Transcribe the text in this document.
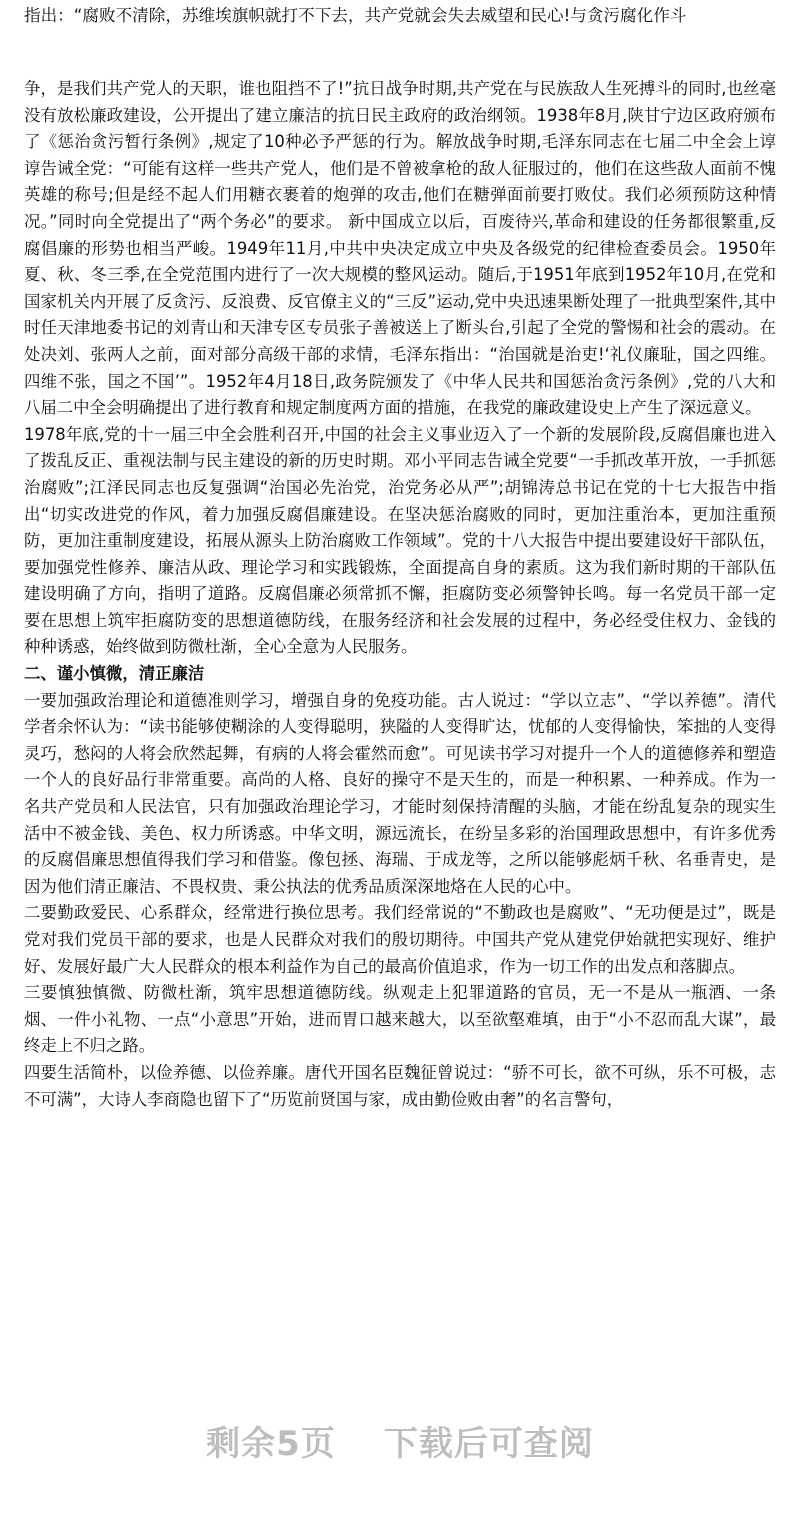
指出：“腐败不清除，苏维埃旗帜就打不下去，共产党就会失去威望和民心!与贪污腐化作斗

争，是我们共产党人的天职，谁也阻挡不了!”抗日战争时期,共产党在与民族敌人生死搏斗的同时,也丝毫没有放松廉政建设，公开提出了建立廉洁的抗日民主政府的政治纲领。1938年8月,陕甘宁边区政府颁布了《惩治贪污暂行条例》,规定了10种必予严惩的行为。解放战争时期,毛泽东同志在七届二中全会上谆谆告诫全党：“可能有这样一些共产党人，他们是不曾被拿枪的敌人征服过的，他们在这些敌人面前不愧英雄的称号;但是经不起人们用糖衣裹着的炮弹的攻击,他们在糖弹面前要打败仗。我们必须预防这种情况。”同时向全党提出了“两个务必”的要求。 新中国成立以后，百废待兴,革命和建设的任务都很繁重,反腐倡廉的形势也相当严峻。1949年11月,中共中央决定成立中央及各级党的纪律检查委员会。1950年夏、秋、冬三季,在全党范围内进行了一次大规模的整风运动。随后,于1951年底到1952年10月,在党和国家机关内开展了反贪污、反浪费、反官僚主义的“三反”运动,党中央迅速果断处理了一批典型案件,其中时任天津地委书记的刘青山和天津专区专员张子善被送上了断头台,引起了全党的警惕和社会的震动。在处决刘、张两人之前，面对部分高级干部的求情，毛泽东指出：“治国就是治吏!‘礼仪廉耻，国之四维。四维不张，国之不国’”。1952年4月18日,政务院颁发了《中华人民共和国惩治贪污条例》,党的八大和八届二中全会明确提出了进行教育和规定制度两方面的措施，在我党的廉政建设史上产生了深远意义。

1978年底,党的十一届三中全会胜利召开,中国的社会主义事业迈入了一个新的发展阶段,反腐倡廉也进入了拨乱反正、重视法制与民主建设的新的历史时期。邓小平同志告诫全党要“一手抓改革开放，一手抓惩治腐败”;江泽民同志也反复强调“治国必先治党，治党务必从严”;胡锦涛总书记在党的十七大报告中指出“切实改进党的作风，着力加强反腐倡廉建设。在坚决惩治腐败的同时，更加注重治本，更加注重预防，更加注重制度建设，拓展从源头上防治腐败工作领域”。党的十八大报告中提出要建设好干部队伍，要加强党性修养、廉洁从政、理论学习和实践锻炼，全面提高自身的素质。这为我们新时期的干部队伍建设明确了方向，指明了道路。反腐倡廉必须常抓不懈，拒腐防变必须警钟长鸣。每一名党员干部一定要在思想上筑牢拒腐防变的思想道德防线，在服务经济和社会发展的过程中，务必经受住权力、金钱的种种诱惑，始终做到防微杜渐，全心全意为人民服务。

二、谨小慎微，清正廉洁

一要加强政治理论和道德准则学习，增强自身的免疫功能。古人说过：“学以立志”、“学以养德”。清代学者余怀认为：“读书能够使糊涂的人变得聪明，狭隘的人变得旷达，忧郁的人变得愉快，笨拙的人变得灵巧，愁闷的人将会欣然起舞，有病的人将会霍然而愈”。可见读书学习对提升一个人的道德修养和塑造一个人的良好品行非常重要。高尚的人格、良好的操守不是天生的，而是一种积累、一种养成。作为一名共产党员和人民法官，只有加强政治理论学习，才能时刻保持清醒的头脑，才能在纷乱复杂的现实生活中不被金钱、美色、权力所诱惑。中华文明，源远流长，在纷呈多彩的治国理政思想中，有许多优秀的反腐倡廉思想值得我们学习和借鉴。像包拯、海瑞、于成龙等，之所以能够彪炳千秋、名垂青史，是因为他们清正廉洁、不畏权贵、秉公执法的优秀品质深深地烙在人民的心中。

二要勤政爱民、心系群众，经常进行换位思考。我们经常说的“不勤政也是腐败”、“无功便是过”，既是党对我们党员干部的要求，也是人民群众对我们的殷切期待。中国共产党从建党伊始就把实现好、维护好、发展好最广大人民群众的根本利益作为自己的最高价值追求，作为一切工作的出发点和落脚点。

三要慎独慎微、防微杜渐，筑牢思想道德防线。纵观走上犯罪道路的官员，无一不是从一瓶酒、一条烟、一件小礼物、一点“小意思”开始，进而胃口越来越大，以至欲壑难填，由于“小不忍而乱大谋”，最终走上不归之路。

四要生活简朴，以俭养德、以俭养廉。唐代开国名臣魏征曾说过：“骄不可长，欲不可纵，乐不可极，志不可满”，大诗人李商隐也留下了“历览前贤国与家，成由勤俭败由奢”的名言警句，

剩余5页 下载后可查阅
